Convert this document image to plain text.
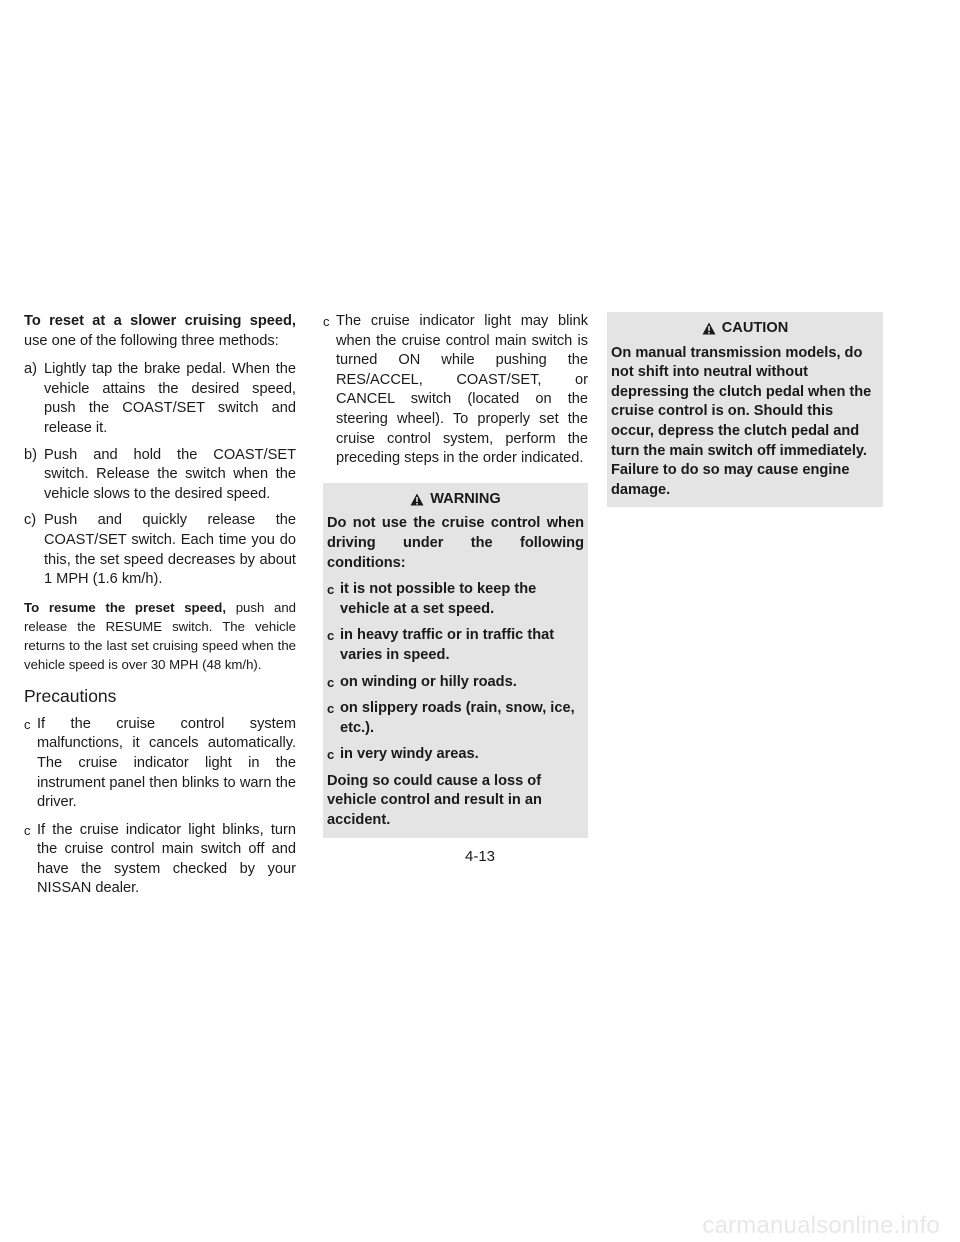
To reset at a slower cruising speed, use one of the following three methods:

a) Lightly tap the brake pedal. When the vehicle attains the desired speed, push the COAST/SET switch and release it.
b) Push and hold the COAST/SET switch. Release the switch when the vehicle slows to the desired speed.
c) Push and quickly release the COAST/SET switch. Each time you do this, the set speed decreases by about 1 MPH (1.6 km/h).

To resume the preset speed, push and release the RESUME switch. The vehicle returns to the last set cruising speed when the vehicle speed is over 30 MPH (48 km/h).

Precautions
c If the cruise control system malfunctions, it cancels automatically. The cruise indicator light in the instrument panel then blinks to warn the driver.
c If the cruise indicator light blinks, turn the cruise control main switch off and have the system checked by your NISSAN dealer.
c The cruise indicator light may blink when the cruise control main switch is turned ON while pushing the RES/ACCEL, COAST/SET, or CANCEL switch (located on the steering wheel). To properly set the cruise control system, perform the preceding steps in the order indicated.
WARNING

Do not use the cruise control when driving under the following conditions:

c it is not possible to keep the vehicle at a set speed.
c in heavy traffic or in traffic that varies in speed.
c on winding or hilly roads.
c on slippery roads (rain, snow, ice, etc.).
c in very windy areas.

Doing so could cause a loss of vehicle control and result in an accident.

CAUTION

On manual transmission models, do not shift into neutral without depressing the clutch pedal when the cruise control is on. Should this occur, depress the clutch pedal and turn the main switch off immediately. Failure to do so may cause engine damage.

4-13
carmanualsonline.info
